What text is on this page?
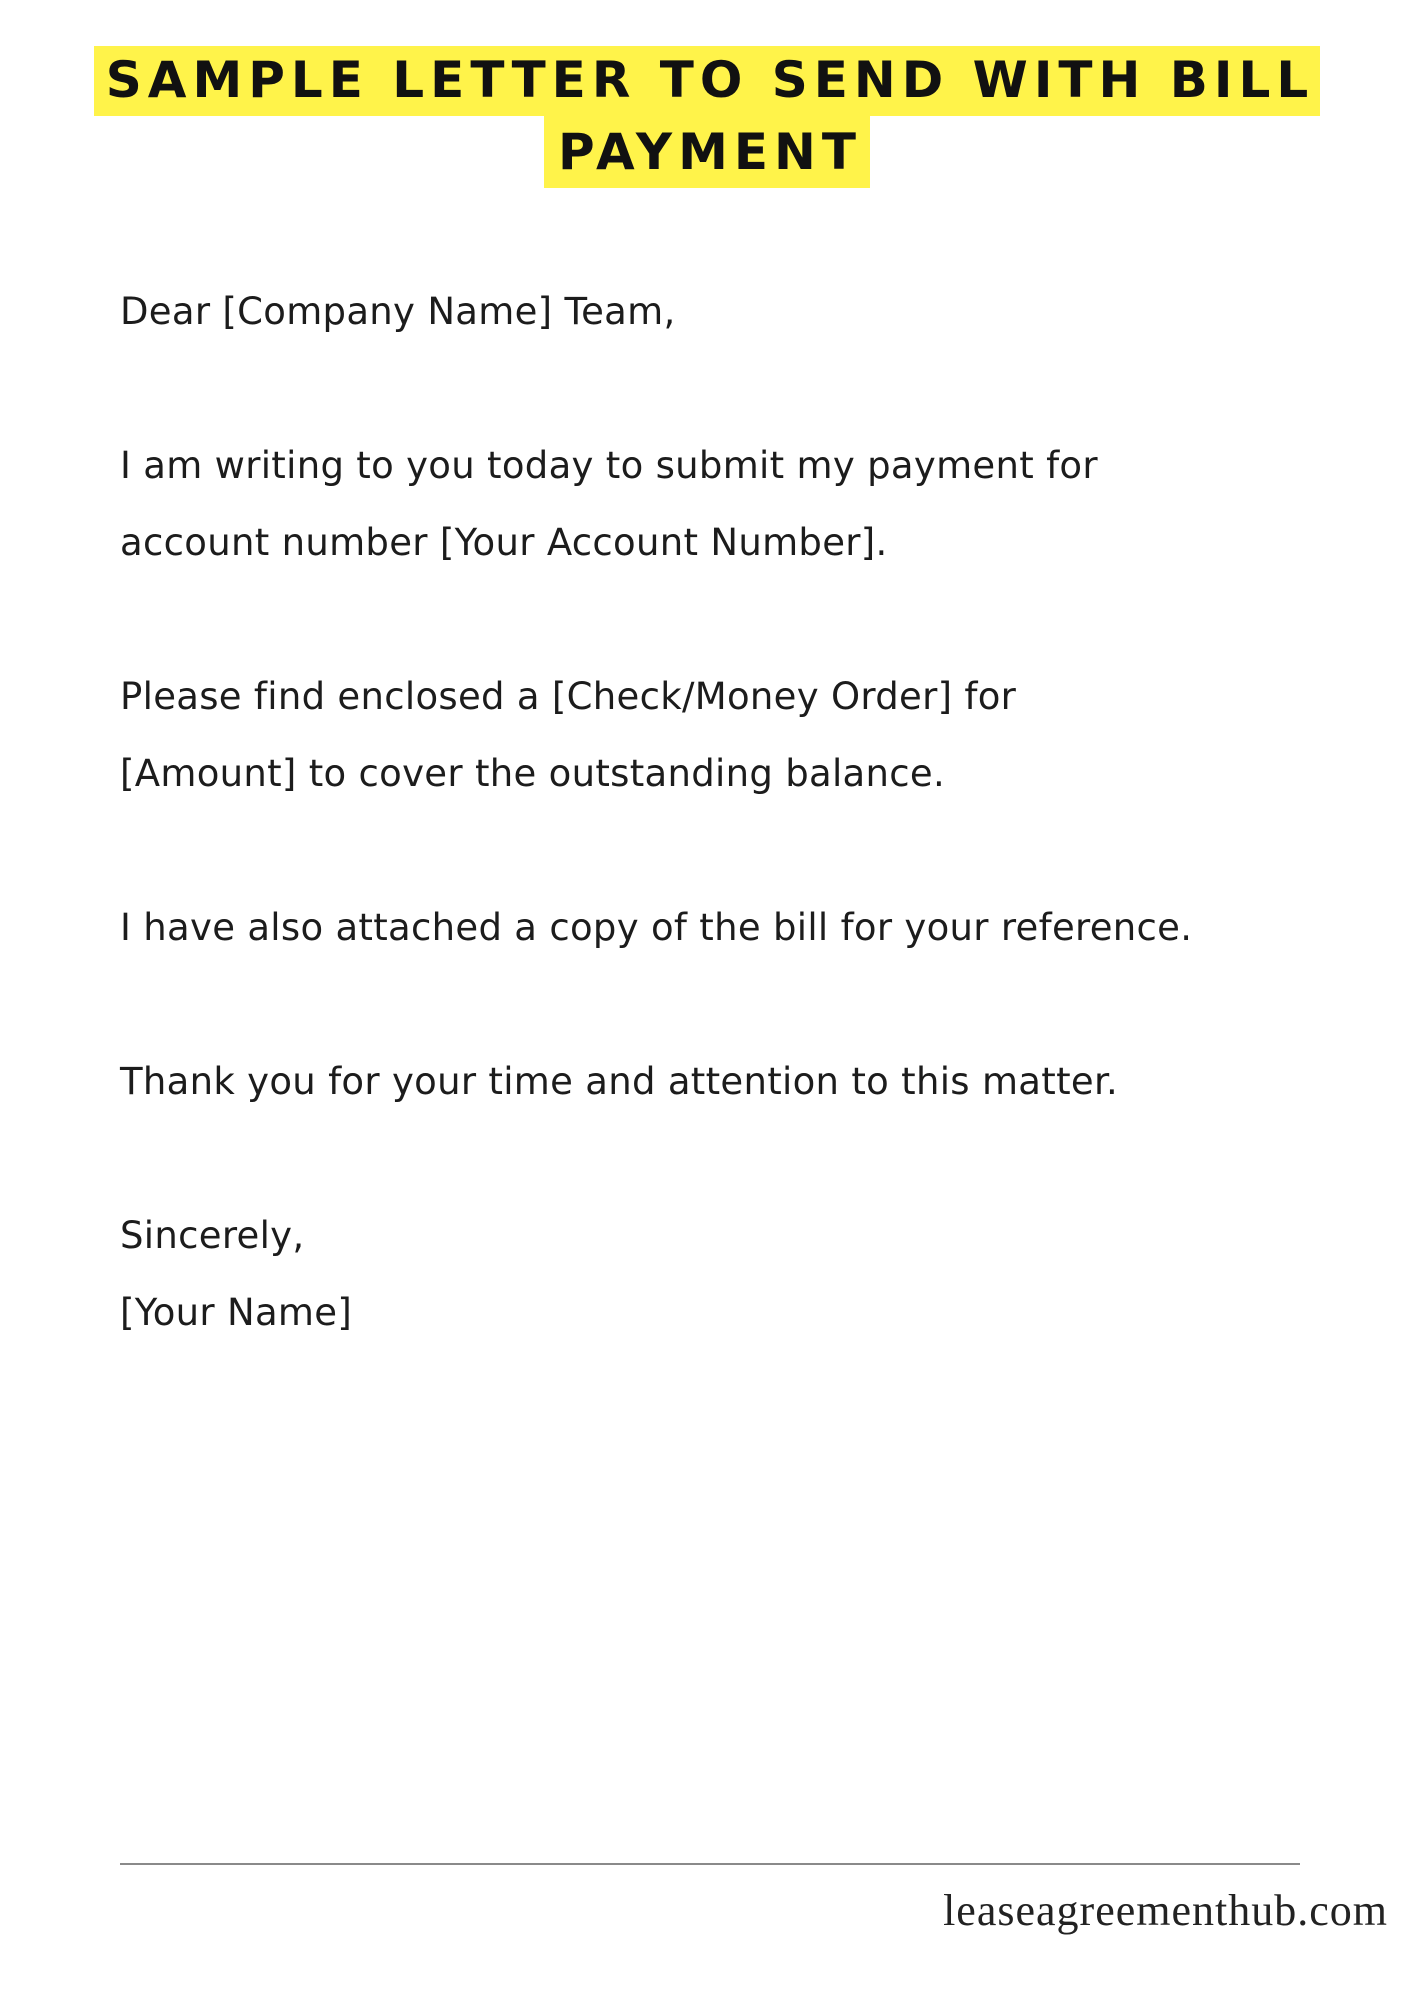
SAMPLE LETTER TO SEND WITH BILL
PAYMENT

Dear [Company Name] Team,

I am writing to you today to submit my payment for

account number [Your Account Number].

Please find enclosed a [Check/Money Order] for

[Amount] to cover the outstanding balance.

I have also attached a copy of the bill for your reference.

Thank you for your time and attention to this matter.

Sincerely,

[Your Name]

leaseagreementhub.com
